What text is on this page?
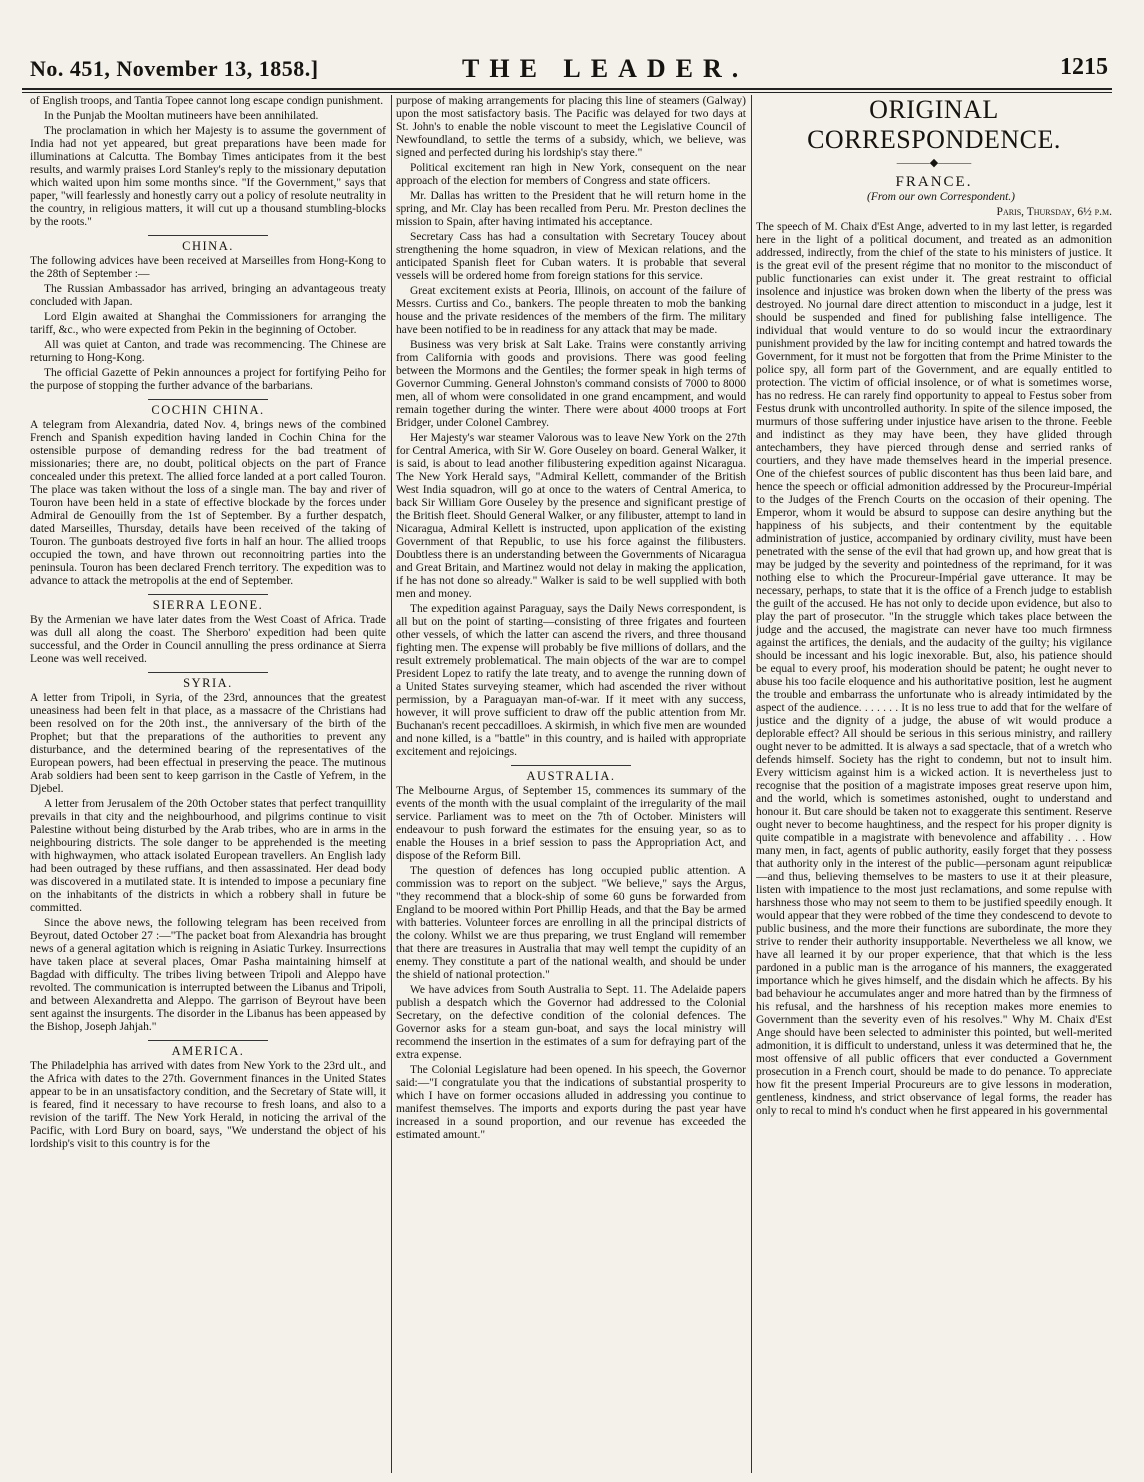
No. 451, November 13, 1858.]	THE LEADER.	1215

of English troops, and Tantia Topee cannot long escape condign punishment.

In the Punjab the Mooltan mutineers have been annihilated.

The proclamation in which her Majesty is to assume the government of India had not yet appeared, but great preparations have been made for illuminations at Calcutta. The Bombay Times anticipates from it the best results, and warmly praises Lord Stanley's reply to the missionary deputation which waited upon him some months since. "If the Government," says that paper, "will fearlessly and honestly carry out a policy of resolute neutrality in the country, in religious matters, it will cut up a thousand stumbling-blocks by the roots."

CHINA.

The following advices have been received at Marseilles from Hong-Kong to the 28th of September :—

The Russian Ambassador has arrived, bringing an advantageous treaty concluded with Japan.

Lord Elgin awaited at Shanghai the Commissioners for arranging the tariff, &c., who were expected from Pekin in the beginning of October.

All was quiet at Canton, and trade was recommencing. The Chinese are returning to Hong-Kong.

The official Gazette of Pekin announces a project for fortifying Peiho for the purpose of stopping the further advance of the barbarians.

COCHIN CHINA.

A telegram from Alexandria, dated Nov. 4, brings news of the combined French and Spanish expedition having landed in Cochin China for the ostensible purpose of demanding redress for the bad treatment of missionaries; there are, no doubt, political objects on the part of France concealed under this pretext. The allied force landed at a port called Touron. The place was taken without the loss of a single man. The bay and river of Touron have been held in a state of effective blockade by the forces under Admiral de Genouilly from the 1st of September. By a further despatch, dated Marseilles, Thursday, details have been received of the taking of Touron. The gunboats destroyed five forts in half an hour. The allied troops occupied the town, and have thrown out reconnoitring parties into the peninsula. Touron has been declared French territory. The expedition was to advance to attack the metropolis at the end of September.

SIERRA LEONE.

By the Armenian we have later dates from the West Coast of Africa. Trade was dull all along the coast. The Sherboro' expedition had been quite successful, and the Order in Council annulling the press ordinance at Sierra Leone was well received.

SYRIA.

A letter from Tripoli, in Syria, of the 23rd, announces that the greatest uneasiness had been felt in that place, as a massacre of the Christians had been resolved on for the 20th inst., the anniversary of the birth of the Prophet; but that the preparations of the authorities to prevent any disturbance, and the determined bearing of the representatives of the European powers, had been effectual in preserving the peace. The mutinous Arab soldiers had been sent to keep garrison in the Castle of Yefrem, in the Djebel.

A letter from Jerusalem of the 20th October states that perfect tranquillity prevails in that city and the neighbourhood, and pilgrims continue to visit Palestine without being disturbed by the Arab tribes, who are in arms in the neighbouring districts. The sole danger to be apprehended is the meeting with highwaymen, who attack isolated European travellers. An English lady had been outraged by these ruffians, and then assassinated. Her dead body was discovered in a mutilated state. It is intended to impose a pecuniary fine on the inhabitants of the districts in which a robbery shall in future be committed.

Since the above news, the following telegram has been received from Beyrout, dated October 27 :—"The packet boat from Alexandria has brought news of a general agitation which is reigning in Asiatic Turkey. Insurrections have taken place at several places, Omar Pasha maintaining himself at Bagdad with difficulty. The tribes living between Tripoli and Aleppo have revolted. The communication is interrupted between the Libanus and Tripoli, and between Alexandretta and Aleppo. The garrison of Beyrout have been sent against the insurgents. The disorder in the Libanus has been appeased by the Bishop, Joseph Jahjah."

AMERICA.

The Philadelphia has arrived with dates from New York to the 23rd ult., and the Africa with dates to the 27th. Government finances in the United States appear to be in an unsatisfactory condition, and the Secretary of State will, it is feared, find it necessary to have recourse to fresh loans, and also to a revision of the tariff. The New York Herald, in noticing the arrival of the Pacific, with Lord Bury on board, says, "We understand the object of his lordship's visit to this country is for the

purpose of making arrangements for placing this line of steamers (Galway) upon the most satisfactory basis. The Pacific was delayed for two days at St. John's to enable the noble viscount to meet the Legislative Council of Newfoundland, to settle the terms of a subsidy, which, we believe, was signed and perfected during his lordship's stay there."

Political excitement ran high in New York, consequent on the near approach of the election for members of Congress and state officers.

Mr. Dallas has written to the President that he will return home in the spring, and Mr. Clay has been recalled from Peru. Mr. Preston declines the mission to Spain, after having intimated his acceptance.

Secretary Cass has had a consultation with Secretary Toucey about strengthening the home squadron, in view of Mexican relations, and the anticipated Spanish fleet for Cuban waters. It is probable that several vessels will be ordered home from foreign stations for this service.

Great excitement exists at Peoria, Illinois, on account of the failure of Messrs. Curtiss and Co., bankers. The people threaten to mob the banking house and the private residences of the members of the firm. The military have been notified to be in readiness for any attack that may be made.

Business was very brisk at Salt Lake. Trains were constantly arriving from California with goods and provisions. There was good feeling between the Mormons and the Gentiles; the former speak in high terms of Governor Cumming. General Johnston's command consists of 7000 to 8000 men, all of whom were consolidated in one grand encampment, and would remain together during the winter. There were about 4000 troops at Fort Bridger, under Colonel Cambrey.

Her Majesty's war steamer Valorous was to leave New York on the 27th for Central America, with Sir W. Gore Ouseley on board. General Walker, it is said, is about to lead another filibustering expedition against Nicaragua. The New York Herald says, "Admiral Kellett, commander of the British West India squadron, will go at once to the waters of Central America, to back Sir William Gore Ouseley by the presence and significant prestige of the British fleet. Should General Walker, or any filibuster, attempt to land in Nicaragua, Admiral Kellett is instructed, upon application of the existing Government of that Republic, to use his force against the filibusters. Doubtless there is an understanding between the Governments of Nicaragua and Great Britain, and Martinez would not delay in making the application, if he has not done so already." Walker is said to be well supplied with both men and money.

The expedition against Paraguay, says the Daily News correspondent, is all but on the point of starting—consisting of three frigates and fourteen other vessels, of which the latter can ascend the rivers, and three thousand fighting men. The expense will probably be five millions of dollars, and the result extremely problematical. The main objects of the war are to compel President Lopez to ratify the late treaty, and to avenge the running down of a United States surveying steamer, which had ascended the river without permission, by a Paraguayan man-of-war. If it meet with any success, however, it will prove sufficient to draw off the public attention from Mr. Buchanan's recent peccadilloes. A skirmish, in which five men are wounded and none killed, is a "battle" in this country, and is hailed with appropriate excitement and rejoicings.

AUSTRALIA.

The Melbourne Argus, of September 15, commences its summary of the events of the month with the usual complaint of the irregularity of the mail service. Parliament was to meet on the 7th of October. Ministers will endeavour to push forward the estimates for the ensuing year, so as to enable the Houses in a brief session to pass the Appropriation Act, and dispose of the Reform Bill.

The question of defences has long occupied public attention. A commission was to report on the subject. "We believe," says the Argus, "they recommend that a block-ship of some 60 guns be forwarded from England to be moored within Port Phillip Heads, and that the Bay be armed with batteries. Volunteer forces are enrolling in all the principal districts of the colony. Whilst we are thus preparing, we trust England will remember that there are treasures in Australia that may well tempt the cupidity of an enemy. They constitute a part of the national wealth, and should be under the shield of national protection."

We have advices from South Australia to Sept. 11. The Adelaide papers publish a despatch which the Governor had addressed to the Colonial Secretary, on the defective condition of the colonial defences. The Governor asks for a steam gun-boat, and says the local ministry will recommend the insertion in the estimates of a sum for defraying part of the extra expense.

The Colonial Legislature had been opened. In his speech, the Governor said:—"I congratulate you that the indications of substantial prosperity to which I have on former occasions alluded in addressing you continue to manifest themselves. The imports and exports during the past year have increased in a sound proportion, and our revenue has exceeded the estimated amount."

ORIGINAL CORRESPONDENCE.
———◆———
FRANCE.

(From our own Correspondent.)

Paris, Thursday, 6½ p.m.

The speech of M. Chaix d'Est Ange, adverted to in my last letter, is regarded here in the light of a political document, and treated as an admonition addressed, indirectly, from the chief of the state to his ministers of justice. It is the great evil of the present régime that no monitor to the misconduct of public functionaries can exist under it. The great restraint to official insolence and injustice was broken down when the liberty of the press was destroyed. No journal dare direct attention to misconduct in a judge, lest it should be suspended and fined for publishing false intelligence. The individual that would venture to do so would incur the extraordinary punishment provided by the law for inciting contempt and hatred towards the Government, for it must not be forgotten that from the Prime Minister to the police spy, all form part of the Government, and are equally entitled to protection. The victim of official insolence, or of what is sometimes worse, has no redress. He can rarely find opportunity to appeal to Festus sober from Festus drunk with uncontrolled authority. In spite of the silence imposed, the murmurs of those suffering under injustice have arisen to the throne. Feeble and indistinct as they may have been, they have glided through antechambers, they have pierced through dense and serried ranks of courtiers, and they have made themselves heard in the imperial presence. One of the chiefest sources of public discontent has thus been laid bare, and hence the speech or official admonition addressed by the Procureur-Impérial to the Judges of the French Courts on the occasion of their opening. The Emperor, whom it would be absurd to suppose can desire anything but the happiness of his subjects, and their contentment by the equitable administration of justice, accompanied by ordinary civility, must have been penetrated with the sense of the evil that had grown up, and how great that is may be judged by the severity and pointedness of the reprimand, for it was nothing else to which the Procureur-Impérial gave utterance. It may be necessary, perhaps, to state that it is the office of a French judge to establish the guilt of the accused. He has not only to decide upon evidence, but also to play the part of prosecutor. "In the struggle which takes place between the judge and the accused, the magistrate can never have too much firmness against the artifices, the denials, and the audacity of the guilty; his vigilance should be incessant and his logic inexorable. But, also, his patience should be equal to every proof, his moderation should be patent; he ought never to abuse his too facile eloquence and his authoritative position, lest he augment the trouble and embarrass the unfortunate who is already intimidated by the aspect of the audience. . . . . . . It is no less true to add that for the welfare of justice and the dignity of a judge, the abuse of wit would produce a deplorable effect? All should be serious in this serious ministry, and raillery ought never to be admitted. It is always a sad spectacle, that of a wretch who defends himself. Society has the right to condemn, but not to insult him. Every witticism against him is a wicked action. It is nevertheless just to recognise that the position of a magistrate imposes great reserve upon him, and the world, which is sometimes astonished, ought to understand and honour it. But care should be taken not to exaggerate this sentiment. Reserve ought never to become haughtiness, and the respect for his proper dignity is quite compatible in a magistrate with benevolence and affability . . . How many men, in fact, agents of public authority, easily forget that they possess that authority only in the interest of the public—personam agunt reipublicæ—and thus, believing themselves to be masters to use it at their pleasure, listen with impatience to the most just reclamations, and some repulse with harshness those who may not seem to them to be justified speedily enough. It would appear that they were robbed of the time they condescend to devote to public business, and the more their functions are subordinate, the more they strive to render their authority insupportable. Nevertheless we all know, we have all learned it by our proper experience, that that which is the less pardoned in a public man is the arrogance of his manners, the exaggerated importance which he gives himself, and the disdain which he affects. By his bad behaviour he accumulates anger and more hatred than by the firmness of his refusal, and the harshness of his reception makes more enemies to Government than the severity even of his resolves." Why M. Chaix d'Est Ange should have been selected to administer this pointed, but well-merited admonition, it is difficult to understand, unless it was determined that he, the most offensive of all public officers that ever conducted a Government prosecution in a French court, should be made to do penance. To appreciate how fit the present Imperial Procureurs are to give lessons in moderation, gentleness, kindness, and strict observance of legal forms, the reader has only to recal to mind h's conduct when he first appeared in his governmental
